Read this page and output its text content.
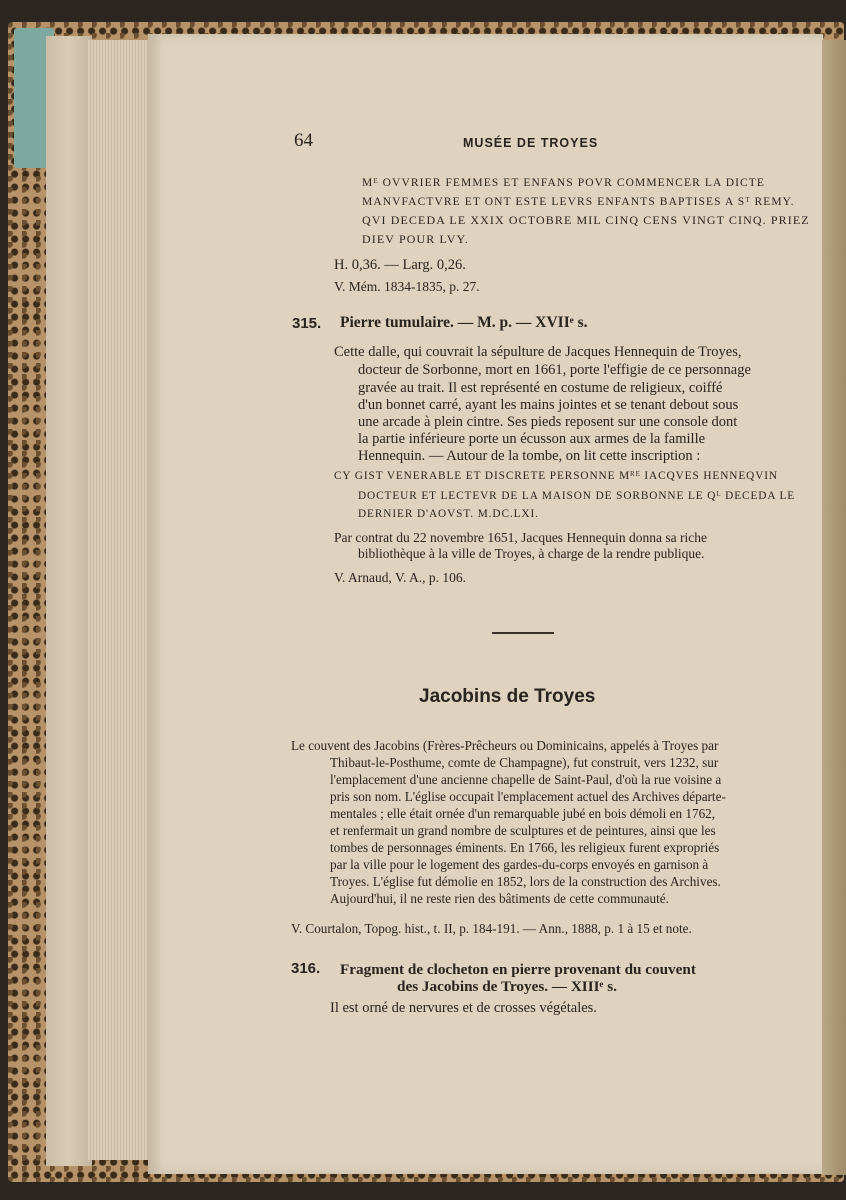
64	MUSÉE DE TROYES
Mᴱ OVVRIER FEMMES ET ENFANS POVR COMMENCER LA DICTE
MANVFACTVRE ET ONT ESTE LEVRS ENFANTS BAPTISES A Sᵀ REMY.
QVI DECEDA LE XXIX OCTOBRE MIL CINQ CENS VINGT CINQ. PRIEZ
DIEV POUR LVY.
H. 0,36. — Larg. 0,26.
V. Mém. 1834-1835, p. 27.
315. Pierre tumulaire. — M. p. — XVIIᵉ s.
Cette dalle, qui couvrait la sépulture de Jacques Hennequin de Troyes,
docteur de Sorbonne, mort en 1661, porte l'effigie de ce personnage
gravée au trait. Il est représenté en costume de religieux, coiffé
d'un bonnet carré, ayant les mains jointes et se tenant debout sous
une arcade à plein cintre. Ses pieds reposent sur une console dont
la partie inférieure porte un écusson aux armes de la famille
Hennequin. — Autour de la tombe, on lit cette inscription :
CY GIST VENERABLE ET DISCRETE PERSONNE Mᴿᴱ IACQVES HENNEQVIN
DOCTEUR ET LECTEVR DE LA MAISON DE SORBONNE LE Qᴸ DECEDA LE
DERNIER D'AOVST. M.DC.LXI.
Par contrat du 22 novembre 1651, Jacques Hennequin donna sa riche
bibliothèque à la ville de Troyes, à charge de la rendre publique.
V. Arnaud, V. A., p. 106.
Jacobins de Troyes
Le couvent des Jacobins (Frères-Prêcheurs ou Dominicains, appelés à Troyes par
Thibaut-le-Posthume, comte de Champagne), fut construit, vers 1232, sur
l'emplacement d'une ancienne chapelle de Saint-Paul, d'où la rue voisine a
pris son nom. L'église occupait l'emplacement actuel des Archives départe-
mentales ; elle était ornée d'un remarquable jubé en bois démoli en 1762,
et renfermait un grand nombre de sculptures et de peintures, ainsi que les
tombes de personnages éminents. En 1766, les religieux furent expropriés
par la ville pour le logement des gardes-du-corps envoyés en garnison à
Troyes. L'église fut démolie en 1852, lors de la construction des Archives.
Aujourd'hui, il ne reste rien des bâtiments de cette communauté.
V. Courtalon, Topog. hist., t. II, p. 184-191. — Ann., 1888, p. 1 à 15 et note.
316. Fragment de clocheton en pierre provenant du couvent
des Jacobins de Troyes. — XIIIᵉ s.
Il est orné de nervures et de crosses végétales.
